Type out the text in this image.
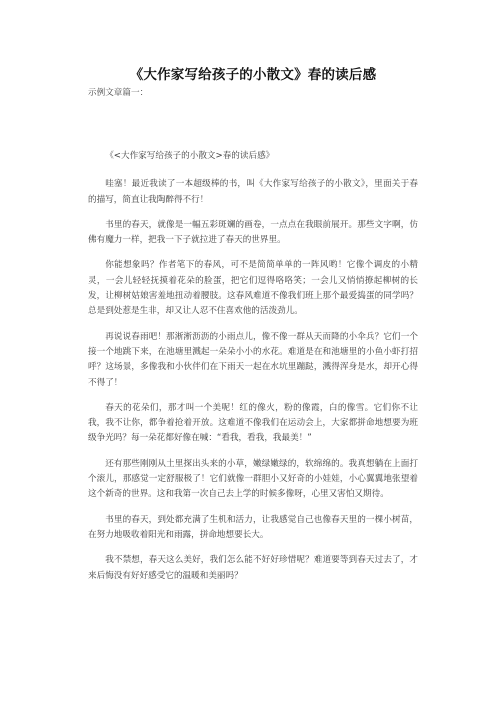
《大作家写给孩子的小散文》春的读后感

示例文章篇一：

《<大作家写给孩子的小散文>春的读后感》

哇塞！最近我读了一本超级棒的书，叫《大作家写给孩子的小散文》，里面关于春的描写，简直让我陶醉得不行！

书里的春天，就像是一幅五彩斑斓的画卷，一点点在我眼前展开。那些文字啊，仿佛有魔力一样，把我一下子就拉进了春天的世界里。

你能想象吗？作者笔下的春风，可不是简简单单的一阵风哟！它像个调皮的小精灵，一会儿轻轻抚摸着花朵的脸蛋，把它们逗得咯咯笑；一会儿又悄悄撩起柳树的长发，让柳树姑娘害羞地扭动着腰肢。这春风难道不像我们班上那个最爱捣蛋的同学吗？总是到处惹是生非，却又让人忍不住喜欢他的活泼劲儿。

再说说春雨吧！那淅淅沥沥的小雨点儿，像不像一群从天而降的小伞兵？它们一个接一个地跳下来，在池塘里溅起一朵朵小小的水花。难道是在和池塘里的小鱼小虾打招呼？这场景，多像我和小伙伴们在下雨天一起在水坑里蹦跶，溅得浑身是水，却开心得不得了！

春天的花朵们，那才叫一个美呢！红的像火，粉的像霞，白的像雪。它们你不让我，我不让你，都争着抢着开放。这难道不像我们在运动会上，大家都拼命地想要为班级争光吗？每一朵花都好像在喊：“看我，看我，我最美！”

还有那些刚刚从土里探出头来的小草，嫩绿嫩绿的，软绵绵的。我真想躺在上面打个滚儿，那感觉一定舒服极了！它们就像一群胆小又好奇的小娃娃，小心翼翼地张望着这个新奇的世界。这和我第一次自己去上学的时候多像呀，心里又害怕又期待。

书里的春天，到处都充满了生机和活力，让我感觉自己也像春天里的一棵小树苗，在努力地吸收着阳光和雨露，拼命地想要长大。

我不禁想，春天这么美好，我们怎么能不好好珍惜呢？难道要等到春天过去了，才来后悔没有好好感受它的温暖和美丽吗？
